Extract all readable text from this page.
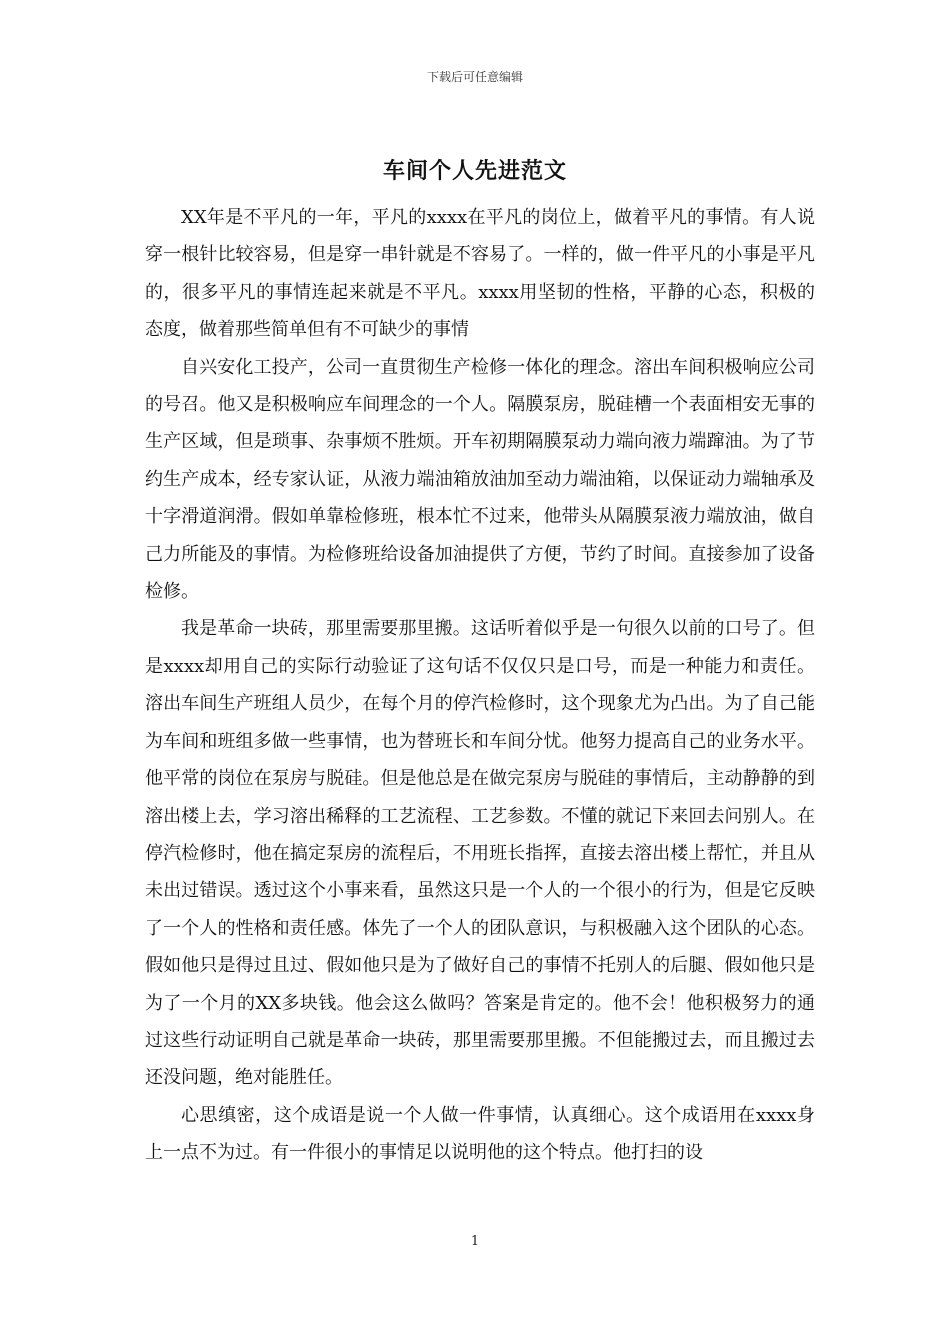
下载后可任意编辑
车间个人先进范文

XX年是不平凡的一年，平凡的xxxx在平凡的岗位上，做着平凡的事情。有人说穿一根针比较容易，但是穿一串针就是不容易了。一样的，做一件平凡的小事是平凡的，很多平凡的事情连起来就是不平凡。xxxx用坚韧的性格，平静的心态，积极的态度，做着那些简单但有不可缺少的事情

自兴安化工投产，公司一直贯彻生产检修一体化的理念。溶出车间积极响应公司的号召。他又是积极响应车间理念的一个人。隔膜泵房，脱硅槽一个表面相安无事的生产区域，但是琐事、杂事烦不胜烦。开车初期隔膜泵动力端向液力端蹿油。为了节约生产成本，经专家认证，从液力端油箱放油加至动力端油箱，以保证动力端轴承及十字滑道润滑。假如单靠检修班，根本忙不过来，他带头从隔膜泵液力端放油，做自己力所能及的事情。为检修班给设备加油提供了方便，节约了时间。直接参加了设备检修。

我是革命一块砖，那里需要那里搬。这话听着似乎是一句很久以前的口号了。但是xxxx却用自己的实际行动验证了这句话不仅仅只是口号，而是一种能力和责任。溶出车间生产班组人员少，在每个月的停汽检修时，这个现象尤为凸出。为了自己能为车间和班组多做一些事情，也为替班长和车间分忧。他努力提高自己的业务水平。他平常的岗位在泵房与脱硅。但是他总是在做完泵房与脱硅的事情后，主动静静的到溶出楼上去，学习溶出稀释的工艺流程、工艺参数。不懂的就记下来回去问别人。在停汽检修时，他在搞定泵房的流程后，不用班长指挥，直接去溶出楼上帮忙，并且从未出过错误。透过这个小事来看，虽然这只是一个人的一个很小的行为，但是它反映了一个人的性格和责任感。体先了一个人的团队意识，与积极融入这个团队的心态。假如他只是得过且过、假如他只是为了做好自己的事情不托别人的后腿、假如他只是为了一个月的XX多块钱。他会这么做吗？答案是肯定的。他不会！他积极努力的通过这些行动证明自己就是革命一块砖，那里需要那里搬。不但能搬过去，而且搬过去还没问题，绝对能胜任。

心思缜密，这个成语是说一个人做一件事情，认真细心。这个成语用在xxxx身上一点不为过。有一件很小的事情足以说明他的这个特点。他打扫的设

1
